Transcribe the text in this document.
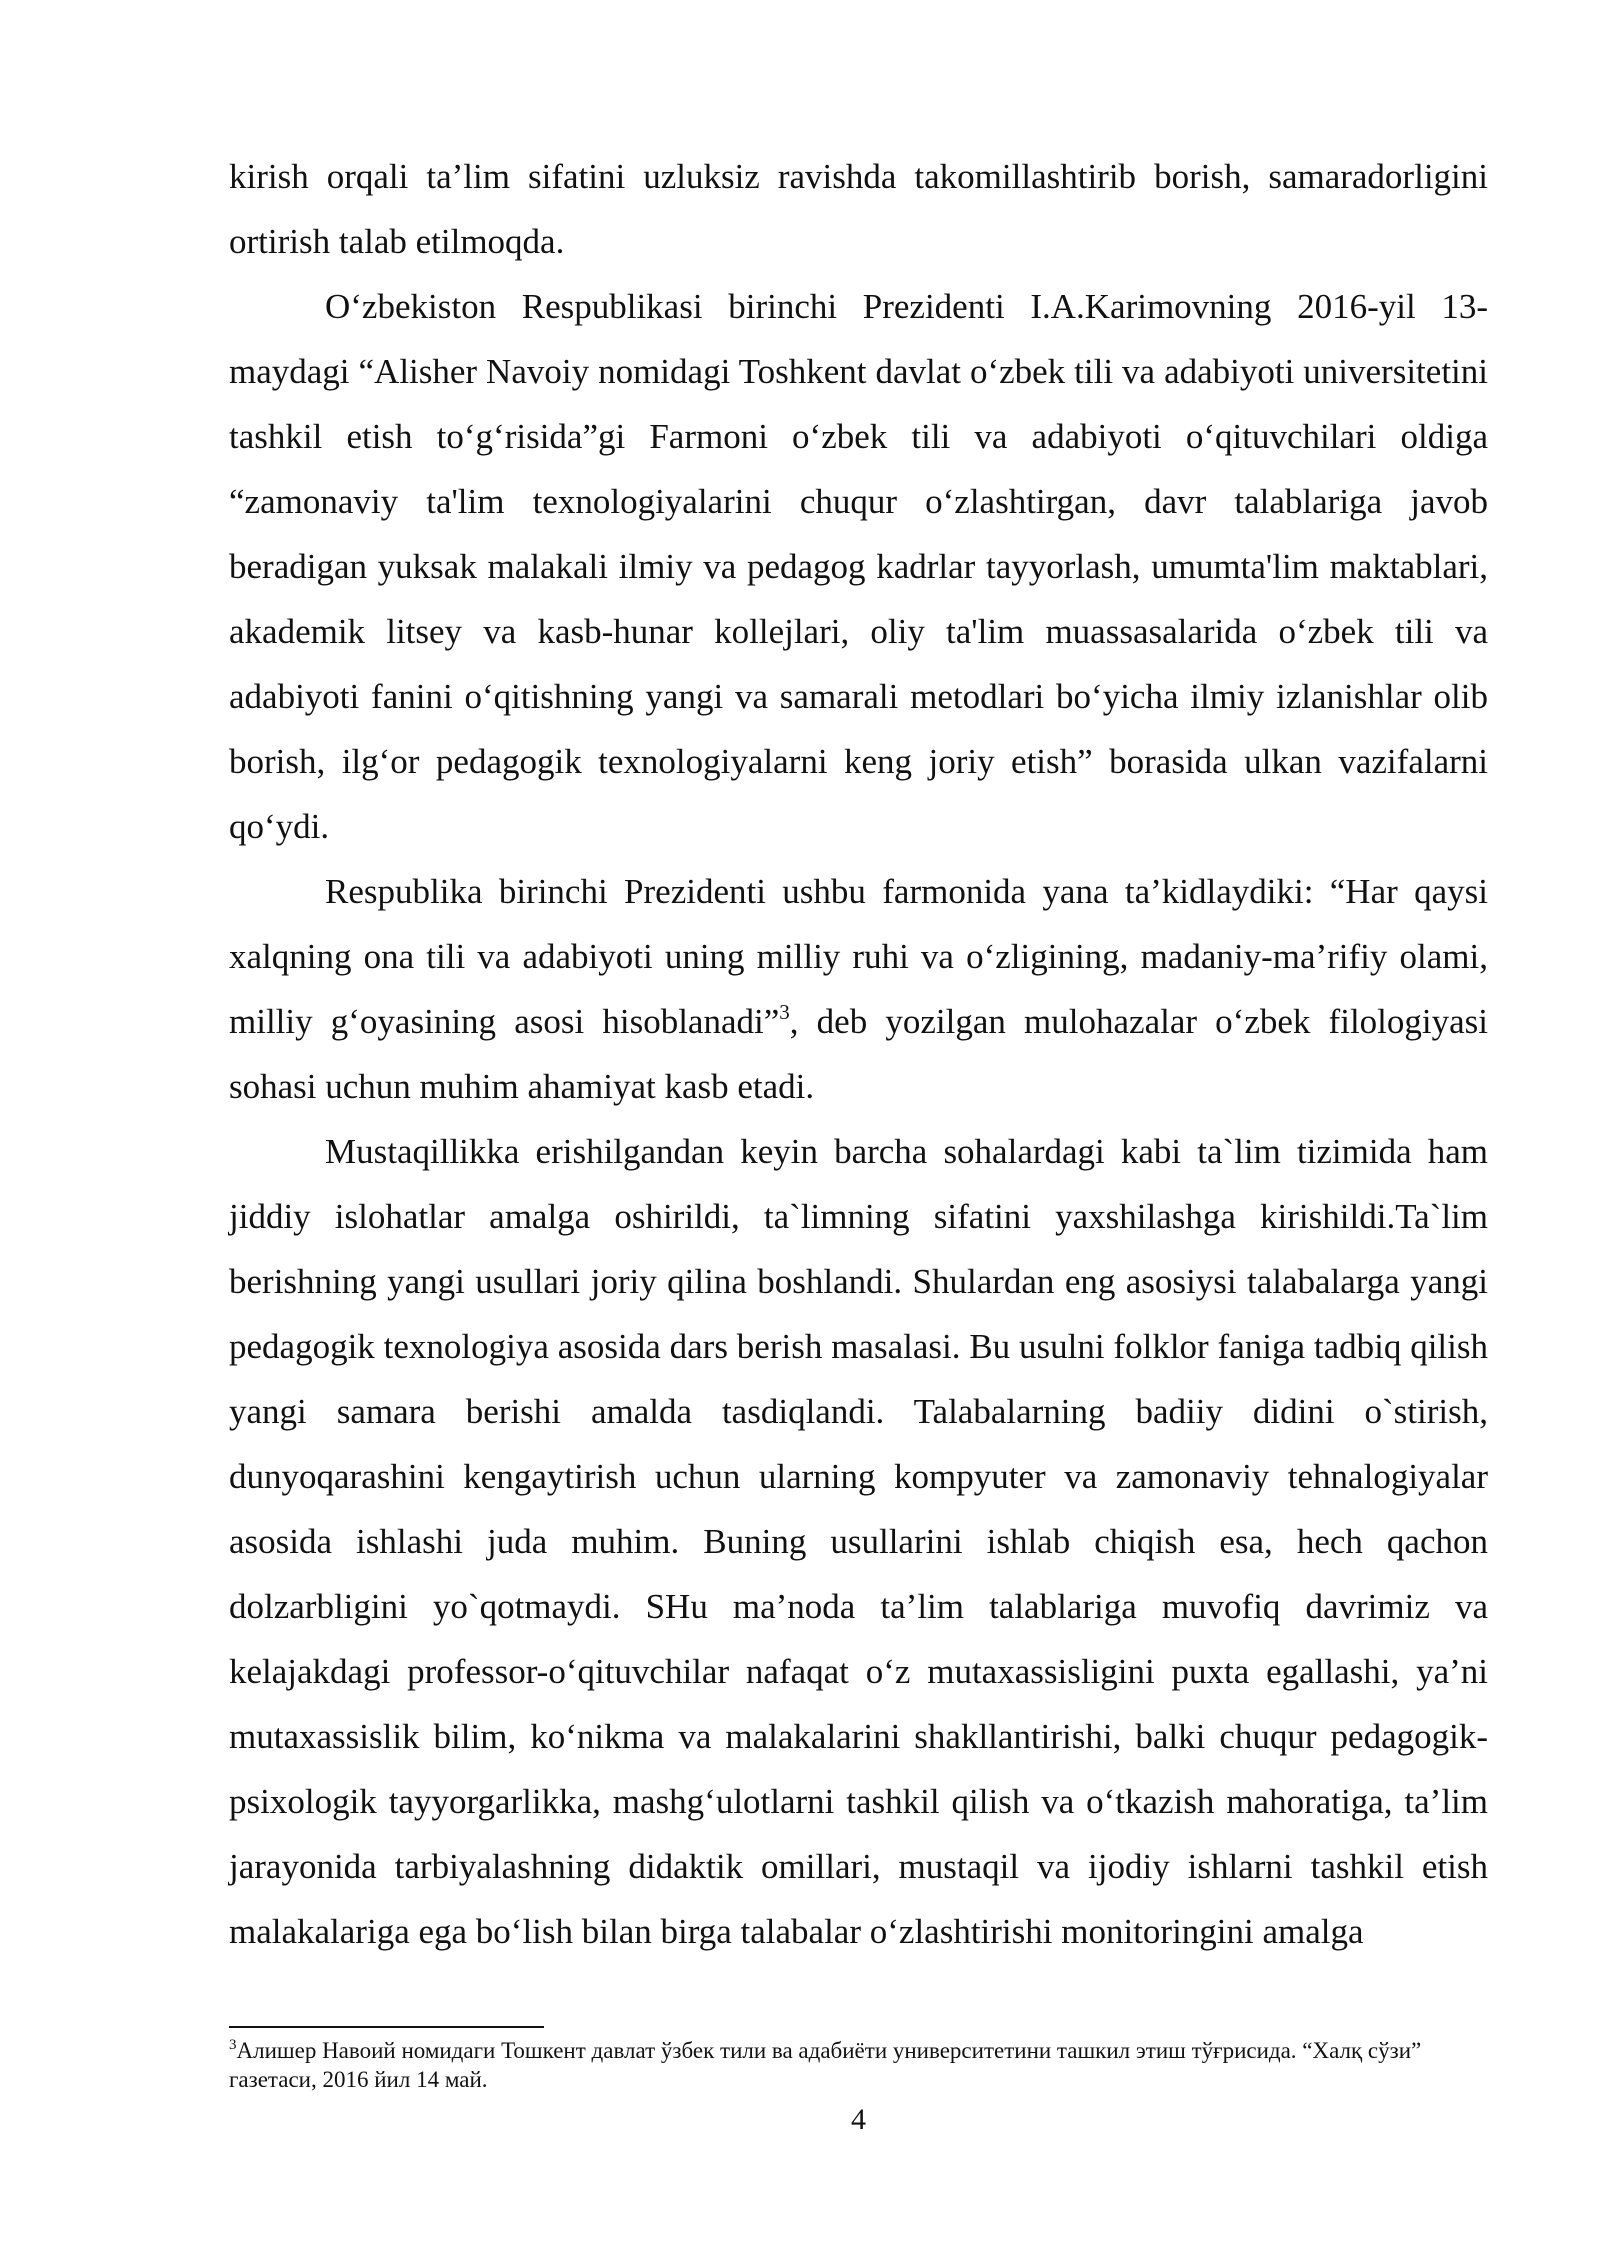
kirish orqali ta’lim sifatini uzluksiz ravishda takomillashtirib borish, samaradorligini ortirish talab etilmoqda.

O‘zbekiston Respublikasi birinchi Prezidenti I.A.Karimovning 2016-yil 13-maydagi “Alisher Navoiy nomidagi Toshkent davlat o‘zbek tili va adabiyoti universitetini tashkil etish to‘g‘risida”gi Farmoni o‘zbek tili va adabiyoti o‘qituvchilari oldiga “zamonaviy ta'lim texnologiyalarini chuqur o‘zlashtirgan, davr talablariga javob beradigan yuksak malakali ilmiy va pedagog kadrlar tayyorlash, umumta'lim maktablari, akademik litsey va kasb-hunar kollejlari, oliy ta'lim muassasalarida o‘zbek tili va adabiyoti fanini o‘qitishning yangi va samarali metodlari bo‘yicha ilmiy izlanishlar olib borish, ilg‘or pedagogik texnologiyalarni keng joriy etish” borasida ulkan vazifalarni qo‘ydi.

Respublika birinchi Prezidenti ushbu farmonida yana ta’kidlaydiki: “Har qaysi xalqning ona tili va adabiyoti uning milliy ruhi va o‘zligining, madaniy-ma’rifiy olami, milliy g‘oyasining asosi hisoblanadi”$^3$, deb yozilgan mulohazalar o‘zbek filologiyasi sohasi uchun muhim ahamiyat kasb etadi.

Mustaqillikka erishilgandan keyin barcha sohalardagi kabi ta`lim tizimida ham jiddiy islohatlar amalga oshirildi, ta`limning sifatini yaxshilashga kirishildi.Ta`lim berishning yangi usullari joriy qilina boshlandi. Shulardan eng asosiysi talabalarga yangi pedagogik texnologiya asosida dars berish masalasi. Bu usulni folklor faniga tadbiq qilish yangi samara berishi amalda tasdiqlandi. Talabalarning badiiy didini o`stirish, dunyoqarashini kengaytirish uchun ularning kompyuter va zamonaviy tehnalogiyalar asosida ishlashi juda muhim. Buning usullarini ishlab chiqish esa, hech qachon dolzarbligini yo`qotmaydi. SHu ma’noda ta’lim talablariga muvofiq davrimiz va kelajakdagi professor-o‘qituvchilar nafaqat o‘z mutaxassisligini puxta egallashi, ya’ni mutaxassislik bilim, ko‘nikma va malakalarini shakllantirishi, balki chuqur pedagogik-psixologik tayyorgarlikka, mashg‘ulotlarni tashkil qilish va o‘tkazish mahoratiga, ta’lim jarayonida tarbiyalashning didaktik omillari, mustaqil va ijodiy ishlarni tashkil etish malakalariga ega bo‘lish bilan birga talabalar o‘zlashtirishi monitoringini amalga

$^3$Алишер Навоий номидаги Тошкент давлат ўзбек тили ва адабиёти университетини ташкил этиш тўғрисида. “Халқ сўзи” газетаси, 2016 йил 14 май.
4
